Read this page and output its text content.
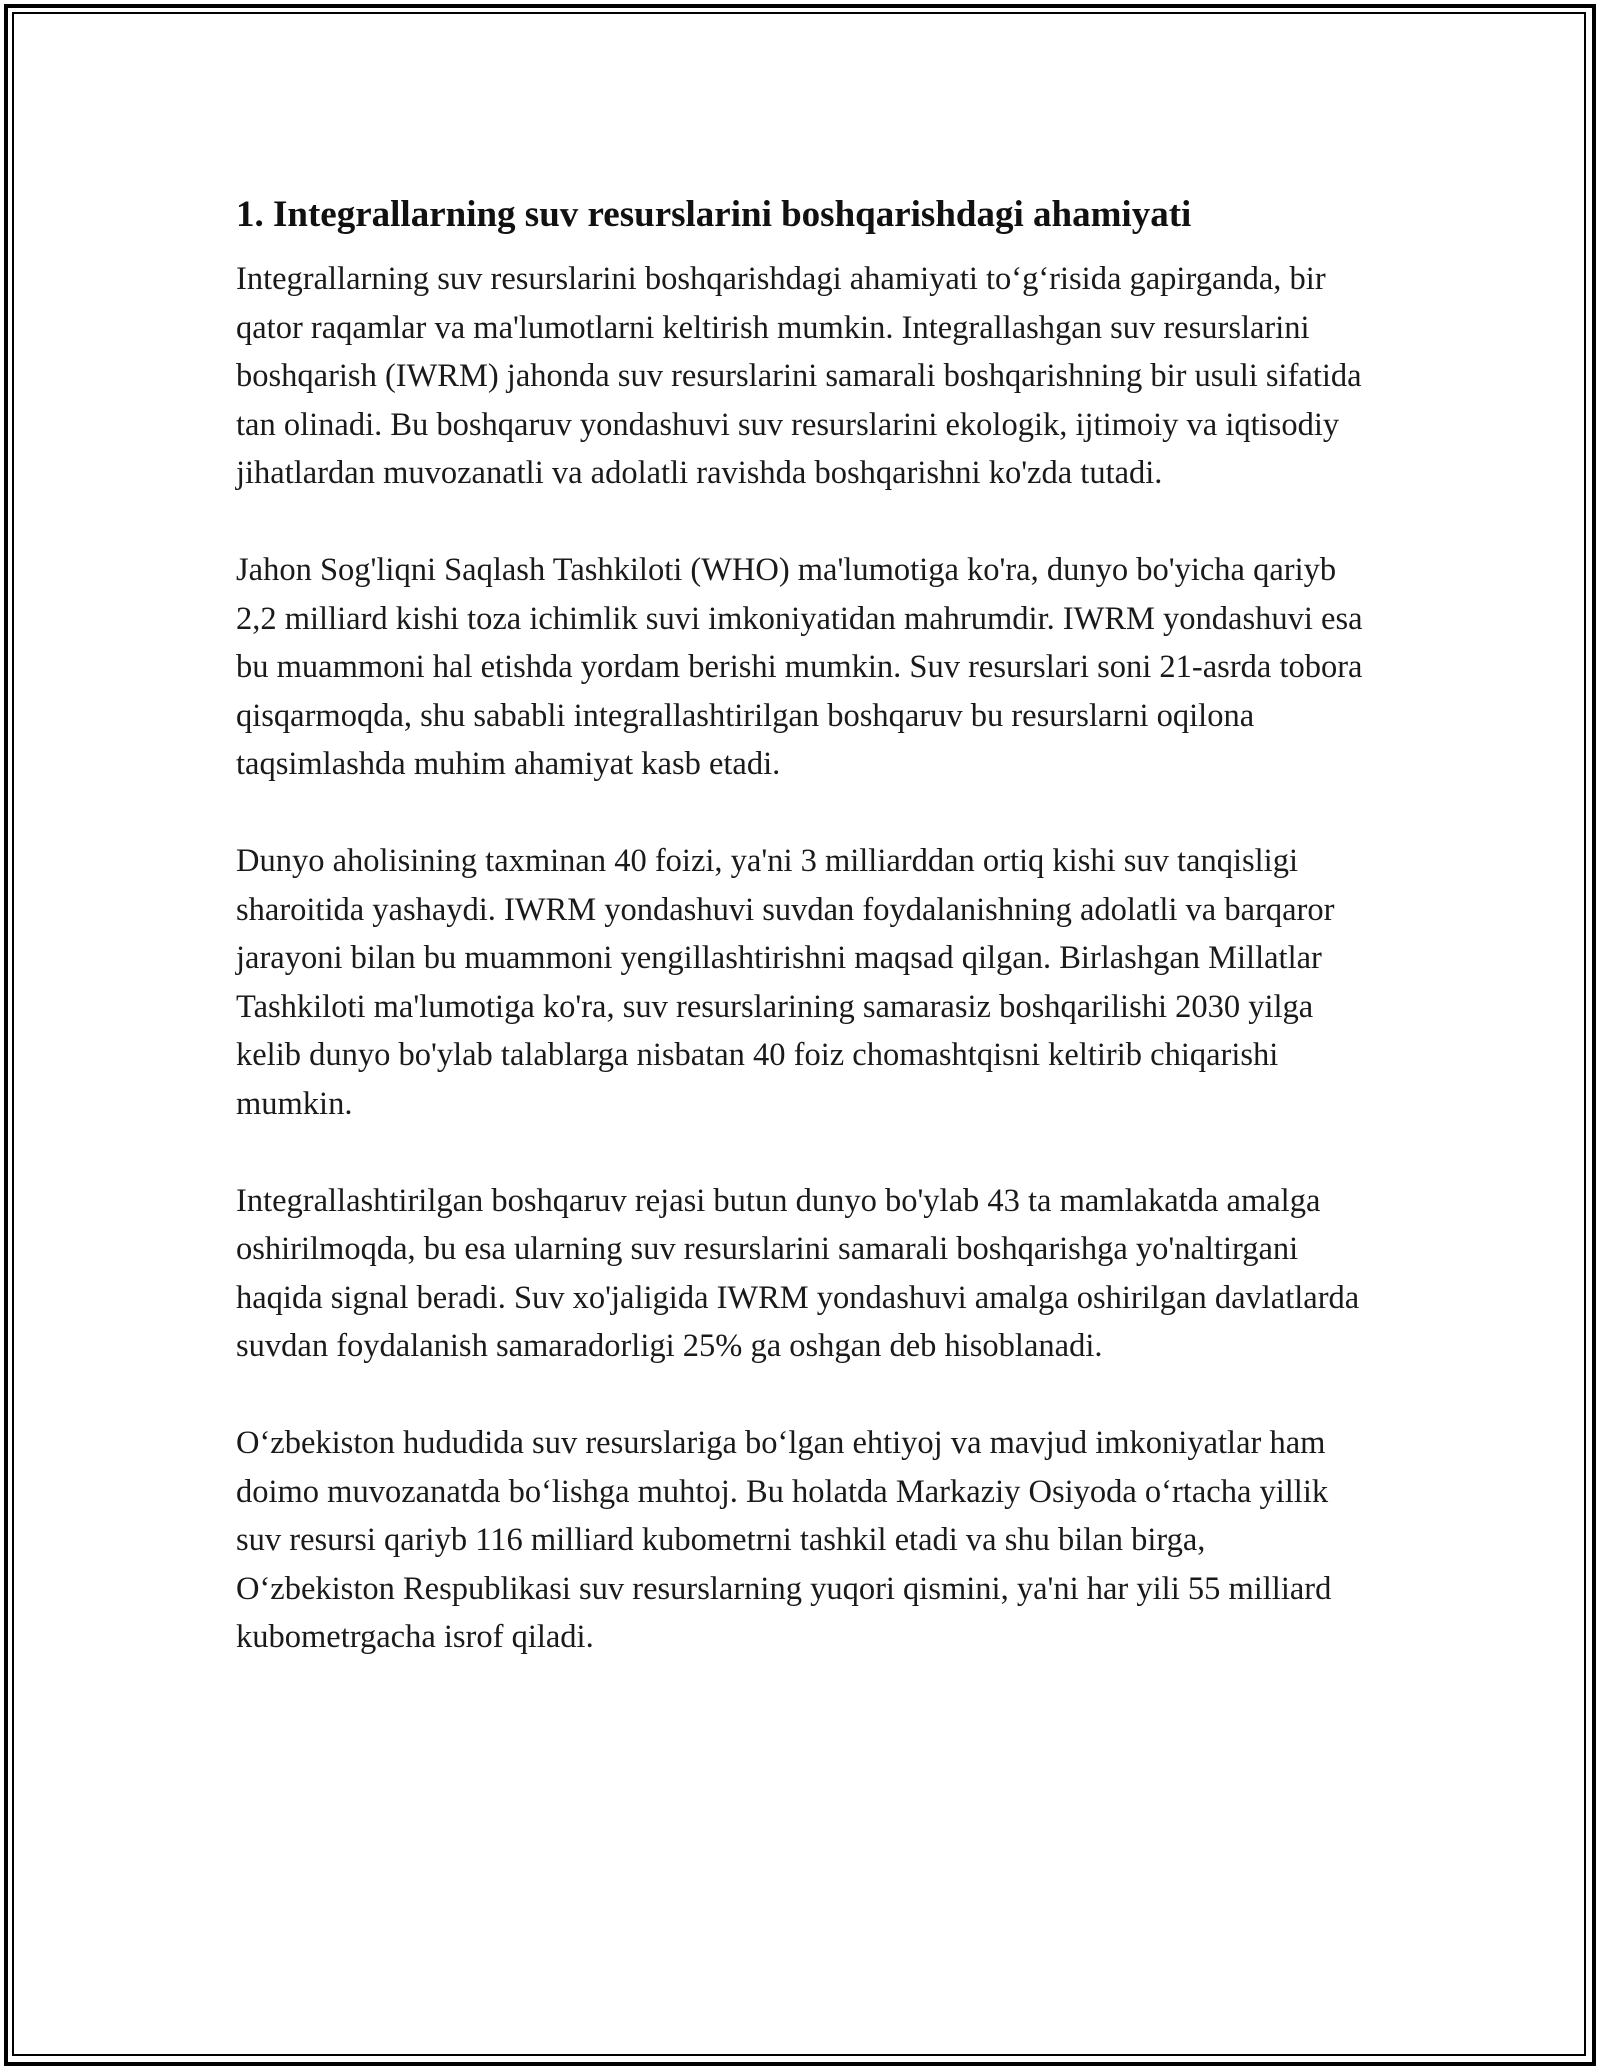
1. Integrallarning suv resurslarini boshqarishdagi ahamiyati

Integrallarning suv resurslarini boshqarishdagi ahamiyati to‘g‘risida gapirganda, bir qator raqamlar va ma'lumotlarni keltirish mumkin. Integrallashgan suv resurslarini boshqarish (IWRM) jahonda suv resurslarini samarali boshqarishning bir usuli sifatida tan olinadi. Bu boshqaruv yondashuvi suv resurslarini ekologik, ijtimoiy va iqtisodiy jihatlardan muvozanatli va adolatli ravishda boshqarishni ko'zda tutadi.

Jahon Sog'liqni Saqlash Tashkiloti (WHO) ma'lumotiga ko'ra, dunyo bo'yicha qariyb 2,2 milliard kishi toza ichimlik suvi imkoniyatidan mahrumdir. IWRM yondashuvi esa bu muammoni hal etishda yordam berishi mumkin. Suv resurslari soni 21-asrda tobora qisqarmoqda, shu sababli integrallashtirilgan boshqaruv bu resurslarni oqilona taqsimlashda muhim ahamiyat kasb etadi.

Dunyo aholisining taxminan 40 foizi, ya'ni 3 milliarddan ortiq kishi suv tanqisligi sharoitida yashaydi. IWRM yondashuvi suvdan foydalanishning adolatli va barqaror jarayoni bilan bu muammoni yengillashtirishni maqsad qilgan. Birlashgan Millatlar Tashkiloti ma'lumotiga ko'ra, suv resurslarining samarasiz boshqarilishi 2030 yilga kelib dunyo bo'ylab talablarga nisbatan 40 foiz chomashtqisni keltirib chiqarishi mumkin.

Integrallashtirilgan boshqaruv rejasi butun dunyo bo'ylab 43 ta mamlakatda amalga oshirilmoqda, bu esa ularning suv resurslarini samarali boshqarishga yo'naltirgani haqida signal beradi. Suv xo'jaligida IWRM yondashuvi amalga oshirilgan davlatlarda suvdan foydalanish samaradorligi 25% ga oshgan deb hisoblanadi.

O‘zbekiston hududida suv resurslariga bo‘lgan ehtiyoj va mavjud imkoniyatlar ham doimo muvozanatda bo‘lishga muhtoj. Bu holatda Markaziy Osiyoda o‘rtacha yillik suv resursi qariyb 116 milliard kubometrni tashkil etadi va shu bilan birga, O‘zbekiston Respublikasi suv resurslarning yuqori qismini, ya'ni har yili 55 milliard kubometrgacha isrof qiladi.
